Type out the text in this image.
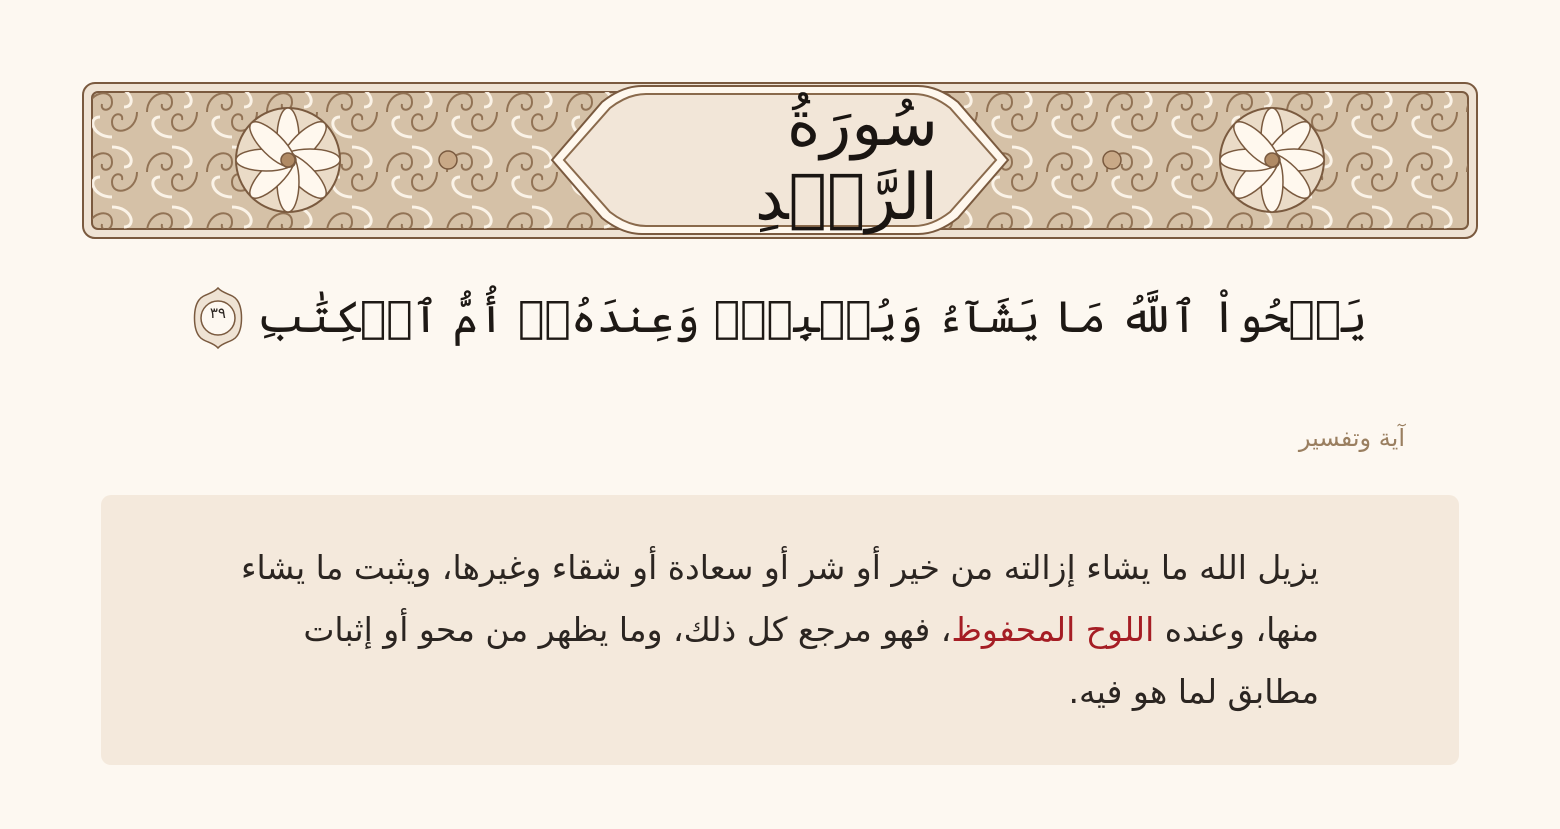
سُورَةُ الرَّعۡدِ
يَمۡحُواْ ٱللَّهُ مَا يَشَآءُ وَيُثۡبِتُۖ وَعِندَهُۥٓ أُمُّ ٱلۡكِتَٰبِ
٣٩
آية وتفسير

يزيل الله ما يشاء إزالته من خير أو شر أو سعادة أو شقاء وغيرها، ويثبت ما يشاء منها، وعنده اللوح المحفوظ، فهو مرجع كل ذلك، وما يظهر من محو أو إثبات مطابق لما هو فيه.
